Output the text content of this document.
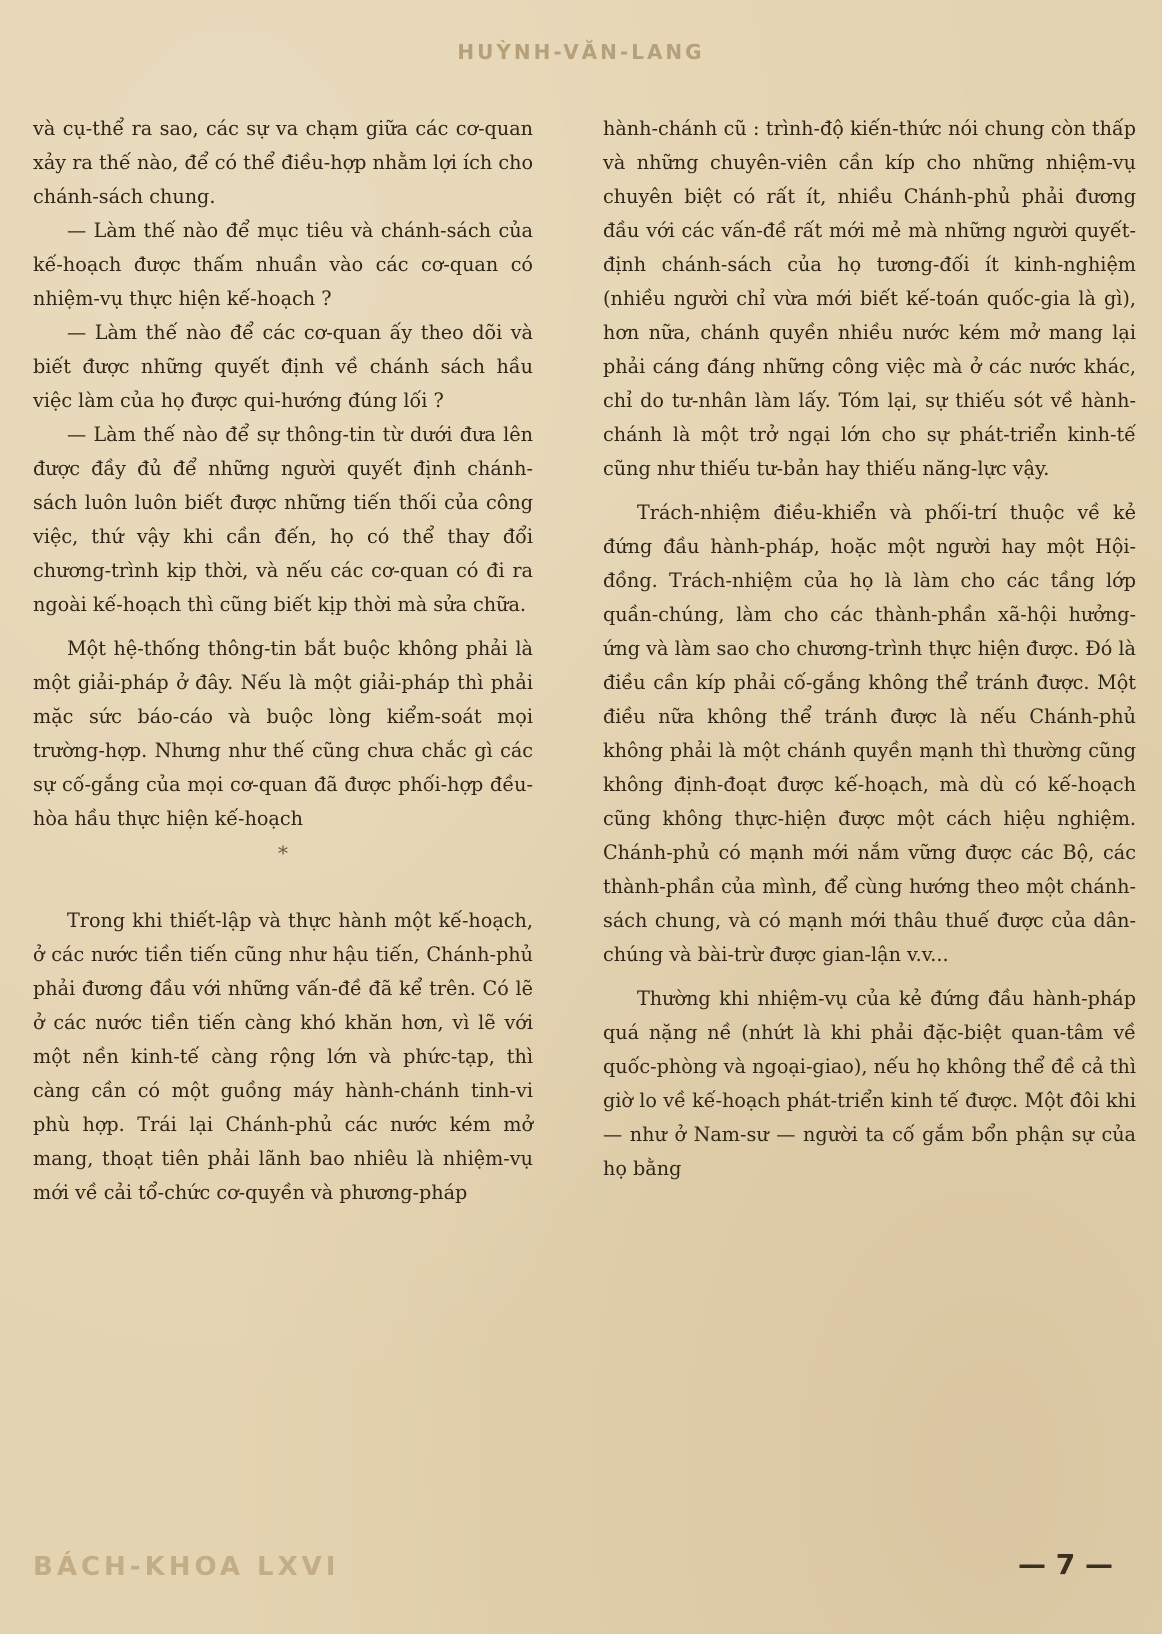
HUỲNH-VĂN-LANG

và cụ-thể ra sao, các sự va chạm giữa các cơ-quan xảy ra thế nào, để có thể điều-hợp nhằm lợi ích cho chánh-sách chung.

— Làm thế nào để mục tiêu và chánh-sách của kế-hoạch được thấm nhuần vào các cơ-quan có nhiệm-vụ thực hiện kế-hoạch ?

— Làm thế nào để các cơ-quan ấy theo dõi và biết được những quyết định về chánh sách hầu việc làm của họ được qui-hướng đúng lối ?

— Làm thế nào để sự thông-tin từ dưới đưa lên được đầy đủ để những người quyết định chánh-sách luôn luôn biết được những tiến thối của công việc, thứ vậy khi cần đến, họ có thể thay đổi chương-trình kịp thời, và nếu các cơ-quan có đi ra ngoài kế-hoạch thì cũng biết kịp thời mà sửa chữa.

Một hệ-thống thông-tin bắt buộc không phải là một giải-pháp ở đây. Nếu là một giải-pháp thì phải mặc sức báo-cáo và buộc lòng kiểm-soát mọi trường-hợp. Nhưng như thế cũng chưa chắc gì các sự cố-gắng của mọi cơ-quan đã được phối-hợp đều-hòa hầu thực hiện kế-hoạch

*

Trong khi thiết-lập và thực hành một kế-hoạch, ở các nước tiền tiến cũng như hậu tiến, Chánh-phủ phải đương đầu với những vấn-đề đã kể trên. Có lẽ ở các nước tiền tiến càng khó khăn hơn, vì lẽ với một nền kinh-tế càng rộng lớn và phức-tạp, thì càng cần có một guồng máy hành-chánh tinh-vi phù hợp. Trái lại Chánh-phủ các nước kém mở mang, thoạt tiên phải lãnh bao nhiêu là nhiệm-vụ mới về cải tổ-chức cơ-quyền và phương-pháp

hành-chánh cũ : trình-độ kiến-thức nói chung còn thấp và những chuyên-viên cần kíp cho những nhiệm-vụ chuyên biệt có rất ít, nhiều Chánh-phủ phải đương đầu với các vấn-đề rất mới mẻ mà những người quyết-định chánh-sách của họ tương-đối ít kinh-nghiệm (nhiều người chỉ vừa mới biết kế-toán quốc-gia là gì), hơn nữa, chánh quyền nhiều nước kém mở mang lại phải cáng đáng những công việc mà ở các nước khác, chỉ do tư-nhân làm lấy. Tóm lại, sự thiếu sót về hành-chánh là một trở ngại lớn cho sự phát-triển kinh-tế cũng như thiếu tư-bản hay thiếu năng-lực vậy.

Trách-nhiệm điều-khiển và phối-trí thuộc về kẻ đứng đầu hành-pháp, hoặc một người hay một Hội-đồng. Trách-nhiệm của họ là làm cho các tầng lớp quần-chúng, làm cho các thành-phần xã-hội hưởng-ứng và làm sao cho chương-trình thực hiện được. Đó là điều cần kíp phải cố-gắng không thể tránh được. Một điều nữa không thể tránh được là nếu Chánh-phủ không phải là một chánh quyền mạnh thì thường cũng không định-đoạt được kế-hoạch, mà dù có kế-hoạch cũng không thực-hiện được một cách hiệu nghiệm. Chánh-phủ có mạnh mới nắm vững được các Bộ, các thành-phần của mình, để cùng hướng theo một chánh-sách chung, và có mạnh mới thâu thuế được của dân-chúng và bài-trừ được gian-lận v.v...

Thường khi nhiệm-vụ của kẻ đứng đầu hành-pháp quá nặng nề (nhứt là khi phải đặc-biệt quan-tâm về quốc-phòng và ngoại-giao), nếu họ không thể đề cả thì giờ lo về kế-hoạch phát-triển kinh tế được. Một đôi khi — như ở Nam-sư — người ta cố gắm bổn phận sự của họ bằng

BÁCH-KHOA LXVI	— 7 —
